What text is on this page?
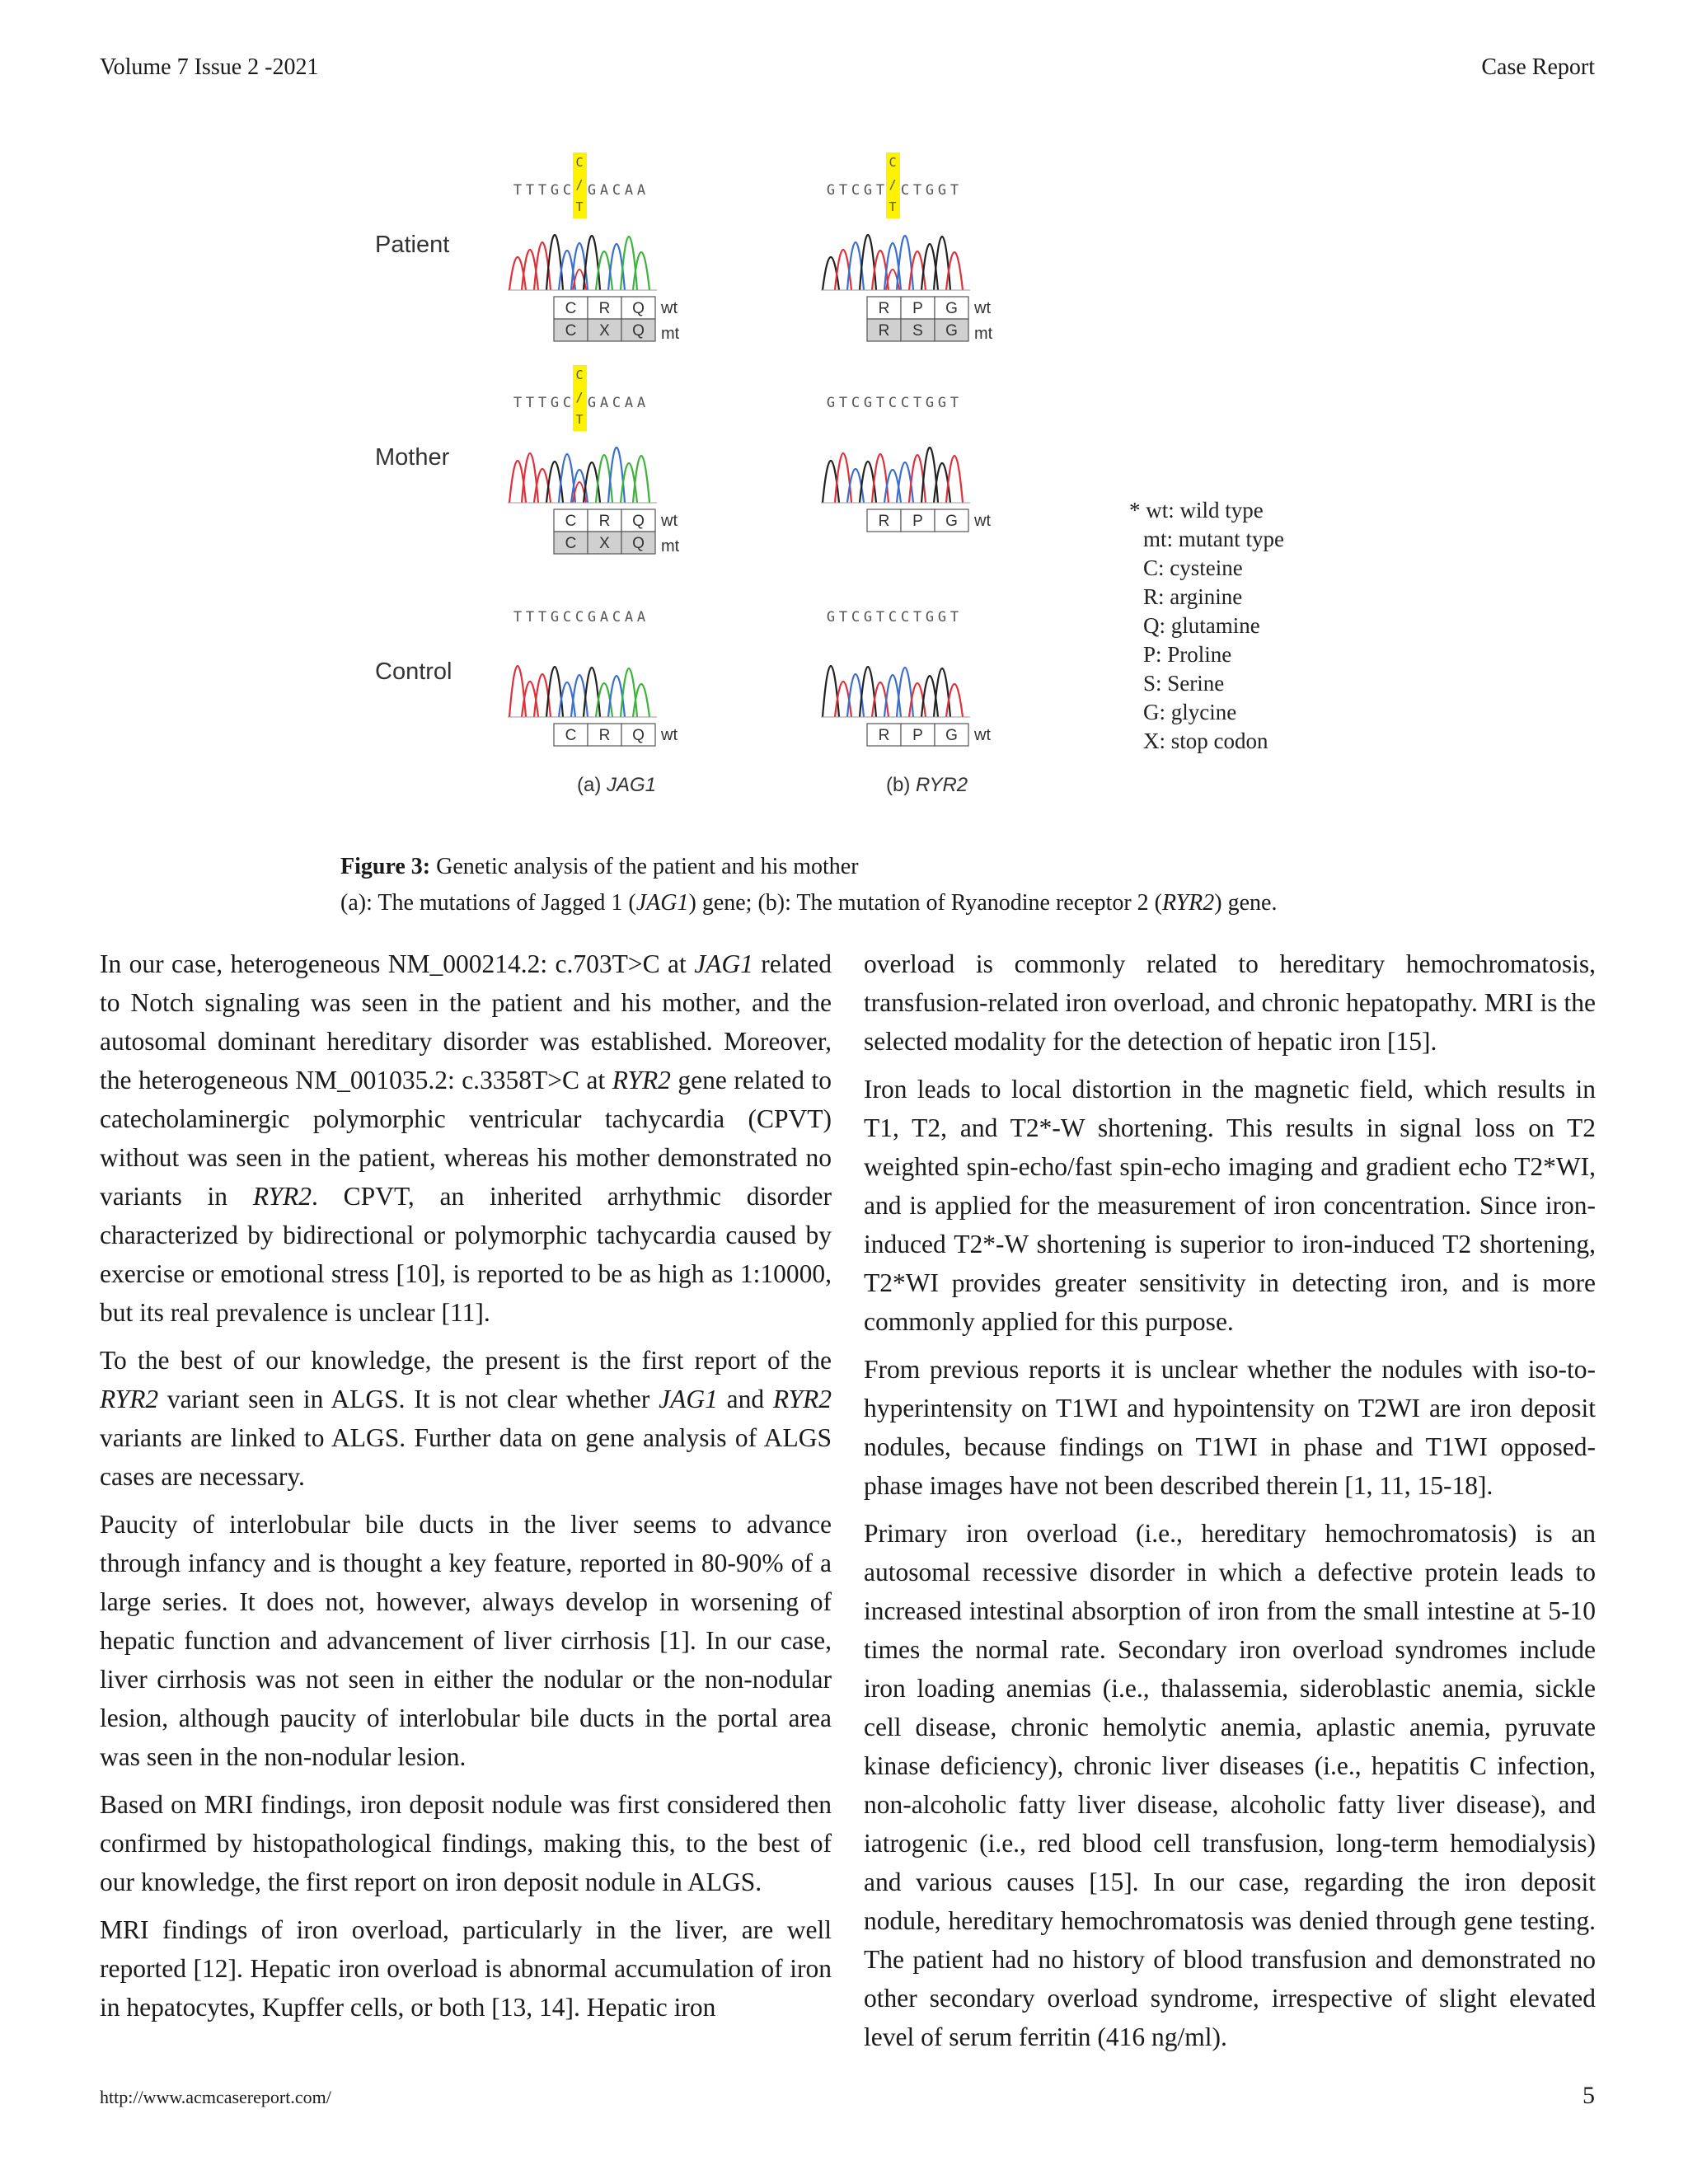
Volume 7 Issue 2 -2021	Case Report
Patient
T T T G C G A C A A
C
/
T
C R Q wt
C X Q mt
G T C G T C T G G T
C
/
T
R P G wt
R S G mt
Mother
T T T G C G A C A A
C
/
T
C R Q wt
C X Q mt
G T C G T C C T G G T
R P G wt
Control
T T T G C C G A C A A
C R Q wt
G T C G T C C T G G T
R P G wt
(a) JAG1	(b) RYR2
* wt: wild type
mt: mutant type
C: cysteine
R: arginine
Q: glutamine
P: Proline
S: Serine
G: glycine
X: stop codon
Figure 3: Genetic analysis of the patient and his mother
(a): The mutations of Jagged 1 (JAG1) gene; (b): The mutation of Ryanodine receptor 2 (RYR2) gene.

In our case, heterogeneous NM_000214.2: c.703T>C at JAG1 related to Notch signaling was seen in the patient and his mother, and the autosomal dominant hereditary disorder was established. Moreover, the heterogeneous NM_001035.2: c.3358T>C at RYR2 gene related to catecholaminergic polymorphic ventricular tachycardia (CPVT) without was seen in the patient, whereas his mother demonstrated no variants in RYR2. CPVT, an inherited arrhythmic disorder characterized by bidirectional or polymorphic tachycardia caused by exercise or emotional stress [10], is reported to be as high as 1:10000, but its real prevalence is unclear [11].

To the best of our knowledge, the present is the first report of the RYR2 variant seen in ALGS. It is not clear whether JAG1 and RYR2 variants are linked to ALGS. Further data on gene analysis of ALGS cases are necessary.

Paucity of interlobular bile ducts in the liver seems to advance through infancy and is thought a key feature, reported in 80-90% of a large series. It does not, however, always develop in worsening of hepatic function and advancement of liver cirrhosis [1]. In our case, liver cirrhosis was not seen in either the nodular or the non-nodular lesion, although paucity of interlobular bile ducts in the portal area was seen in the non-nodular lesion.

Based on MRI findings, iron deposit nodule was first considered then confirmed by histopathological findings, making this, to the best of our knowledge, the first report on iron deposit nodule in ALGS.

MRI findings of iron overload, particularly in the liver, are well reported [12]. Hepatic iron overload is abnormal accumulation of iron in hepatocytes, Kupffer cells, or both [13, 14]. Hepatic iron

overload is commonly related to hereditary hemochromatosis, transfusion-related iron overload, and chronic hepatopathy. MRI is the selected modality for the detection of hepatic iron [15].

Iron leads to local distortion in the magnetic field, which results in T1, T2, and T2*-W shortening. This results in signal loss on T2 weighted spin-echo/fast spin-echo imaging and gradient echo T2*WI, and is applied for the measurement of iron concentration. Since iron-induced T2*-W shortening is superior to iron-induced T2 shortening, T2*WI provides greater sensitivity in detecting iron, and is more commonly applied for this purpose.

From previous reports it is unclear whether the nodules with iso-to-hyperintensity on T1WI and hypointensity on T2WI are iron deposit nodules, because findings on T1WI in phase and T1WI opposed-phase images have not been described therein [1, 11, 15-18].

Primary iron overload (i.e., hereditary hemochromatosis) is an autosomal recessive disorder in which a defective protein leads to increased intestinal absorption of iron from the small intestine at 5-10 times the normal rate. Secondary iron overload syndromes include iron loading anemias (i.e., thalassemia, sideroblastic anemia, sickle cell disease, chronic hemolytic anemia, aplastic anemia, pyruvate kinase deficiency), chronic liver diseases (i.e., hepatitis C infection, non-alcoholic fatty liver disease, alcoholic fatty liver disease), and iatrogenic (i.e., red blood cell transfusion, long-term hemodialysis) and various causes [15]. In our case, regarding the iron deposit nodule, hereditary hemochromatosis was denied through gene testing. The patient had no history of blood transfusion and demonstrated no other secondary overload syndrome, irrespective of slight elevated level of serum ferritin (416 ng/ml).

http://www.acmcasereport.com/	5
